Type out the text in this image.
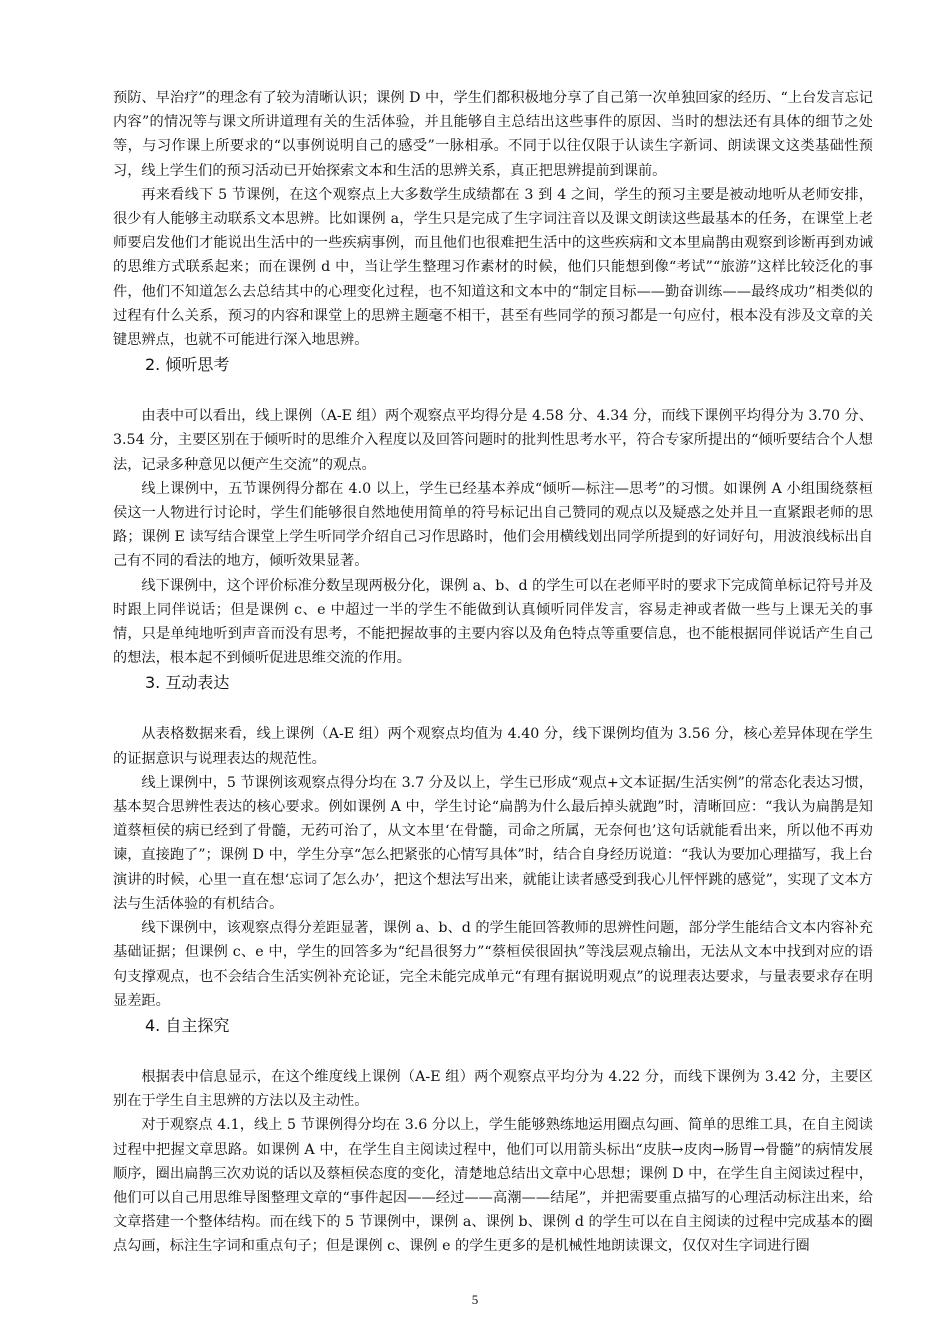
预防、早治疗”的理念有了较为清晰认识；课例 D 中，学生们都积极地分享了自己第一次单独回家的经历、“上台发言忘记内容”的情况等与课文所讲道理有关的生活体验，并且能够自主总结出这些事件的原因、当时的想法还有具体的细节之处等，与习作课上所要求的“以事例说明自己的感受”一脉相承。不同于以往仅限于认读生字新词、朗读课文这类基础性预习，线上学生们的预习活动已开始探索文本和生活的思辨关系，真正把思辨提前到课前。

再来看线下 5 节课例，在这个观察点上大多数学生成绩都在 3 到 4 之间，学生的预习主要是被动地听从老师安排，很少有人能够主动联系文本思辨。比如课例 a，学生只是完成了生字词注音以及课文朗读这些最基本的任务，在课堂上老师要启发他们才能说出生活中的一些疾病事例，而且他们也很难把生活中的这些疾病和文本里扁鹊由观察到诊断再到劝诫的思维方式联系起来；而在课例 d 中，当让学生整理习作素材的时候，他们只能想到像“考试”“旅游”这样比较泛化的事件，他们不知道怎么去总结其中的心理变化过程，也不知道这和文本中的“制定目标——勤奋训练——最终成功”相类似的过程有什么关系，预习的内容和课堂上的思辨主题毫不相干，甚至有些同学的预习都是一句应付，根本没有涉及文章的关键思辨点，也就不可能进行深入地思辨。

2. 倾听思考

由表中可以看出，线上课例（A-E 组）两个观察点平均得分是 4.58 分、4.34 分，而线下课例平均得分为 3.70 分、3.54 分，主要区别在于倾听时的思维介入程度以及回答问题时的批判性思考水平，符合专家所提出的“倾听要结合个人想法，记录多种意见以便产生交流”的观点。

线上课例中，五节课例得分都在 4.0 以上，学生已经基本养成“倾听—标注—思考”的习惯。如课例 A 小组围绕蔡桓侯这一人物进行讨论时，学生们能够很自然地使用简单的符号标记出自己赞同的观点以及疑惑之处并且一直紧跟老师的思路；课例 E 读写结合课堂上学生听同学介绍自己习作思路时，他们会用横线划出同学所提到的好词好句，用波浪线标出自己有不同的看法的地方，倾听效果显著。

线下课例中，这个评价标准分数呈现两极分化，课例 a、b、d 的学生可以在老师平时的要求下完成简单标记符号并及时跟上同伴说话；但是课例 c、e 中超过一半的学生不能做到认真倾听同伴发言，容易走神或者做一些与上课无关的事情，只是单纯地听到声音而没有思考，不能把握故事的主要内容以及角色特点等重要信息，也不能根据同伴说话产生自己的想法，根本起不到倾听促进思维交流的作用。

3. 互动表达

从表格数据来看，线上课例（A-E 组）两个观察点均值为 4.40 分，线下课例均值为 3.56 分，核心差异体现在学生的证据意识与说理表达的规范性。

线上课例中，5 节课例该观察点得分均在 3.7 分及以上，学生已形成“观点+文本证据/生活实例”的常态化表达习惯，基本契合思辨性表达的核心要求。例如课例 A 中，学生讨论“扁鹊为什么最后掉头就跑”时，清晰回应：“我认为扁鹊是知道蔡桓侯的病已经到了骨髓，无药可治了，从文本里‘在骨髓，司命之所属，无奈何也’这句话就能看出来，所以他不再劝谏，直接跑了”；课例 D 中，学生分享“怎么把紧张的心情写具体”时，结合自身经历说道：“我认为要加心理描写，我上台演讲的时候，心里一直在想‘忘词了怎么办’，把这个想法写出来，就能让读者感受到我心儿怦怦跳的感觉”，实现了文本方法与生活体验的有机结合。

线下课例中，该观察点得分差距显著，课例 a、b、d 的学生能回答教师的思辨性问题，部分学生能结合文本内容补充基础证据；但课例 c、e 中，学生的回答多为“纪昌很努力”“蔡桓侯很固执”等浅层观点输出，无法从文本中找到对应的语句支撑观点，也不会结合生活实例补充论证，完全未能完成单元“有理有据说明观点”的说理表达要求，与量表要求存在明显差距。

4. 自主探究

根据表中信息显示，在这个维度线上课例（A-E 组）两个观察点平均分为 4.22 分，而线下课例为 3.42 分，主要区别在于学生自主思辨的方法以及主动性。

对于观察点 4.1，线上 5 节课例得分均在 3.6 分以上，学生能够熟练地运用圈点勾画、简单的思维工具，在自主阅读过程中把握文章思路。如课例 A 中，在学生自主阅读过程中，他们可以用箭头标出“皮肤→皮肉→肠胃→骨髓”的病情发展顺序，圈出扁鹊三次劝说的话以及蔡桓侯态度的变化，清楚地总结出文章中心思想；课例 D 中，在学生自主阅读过程中，他们可以自己用思维导图整理文章的“事件起因——经过——高潮——结尾”，并把需要重点描写的心理活动标注出来，给文章搭建一个整体结构。而在线下的 5 节课例中，课例 a、课例 b、课例 d 的学生可以在自主阅读的过程中完成基本的圈点勾画，标注生字词和重点句子；但是课例 c、课例 e 的学生更多的是机械性地朗读课文，仅仅对生字词进行圈

5
